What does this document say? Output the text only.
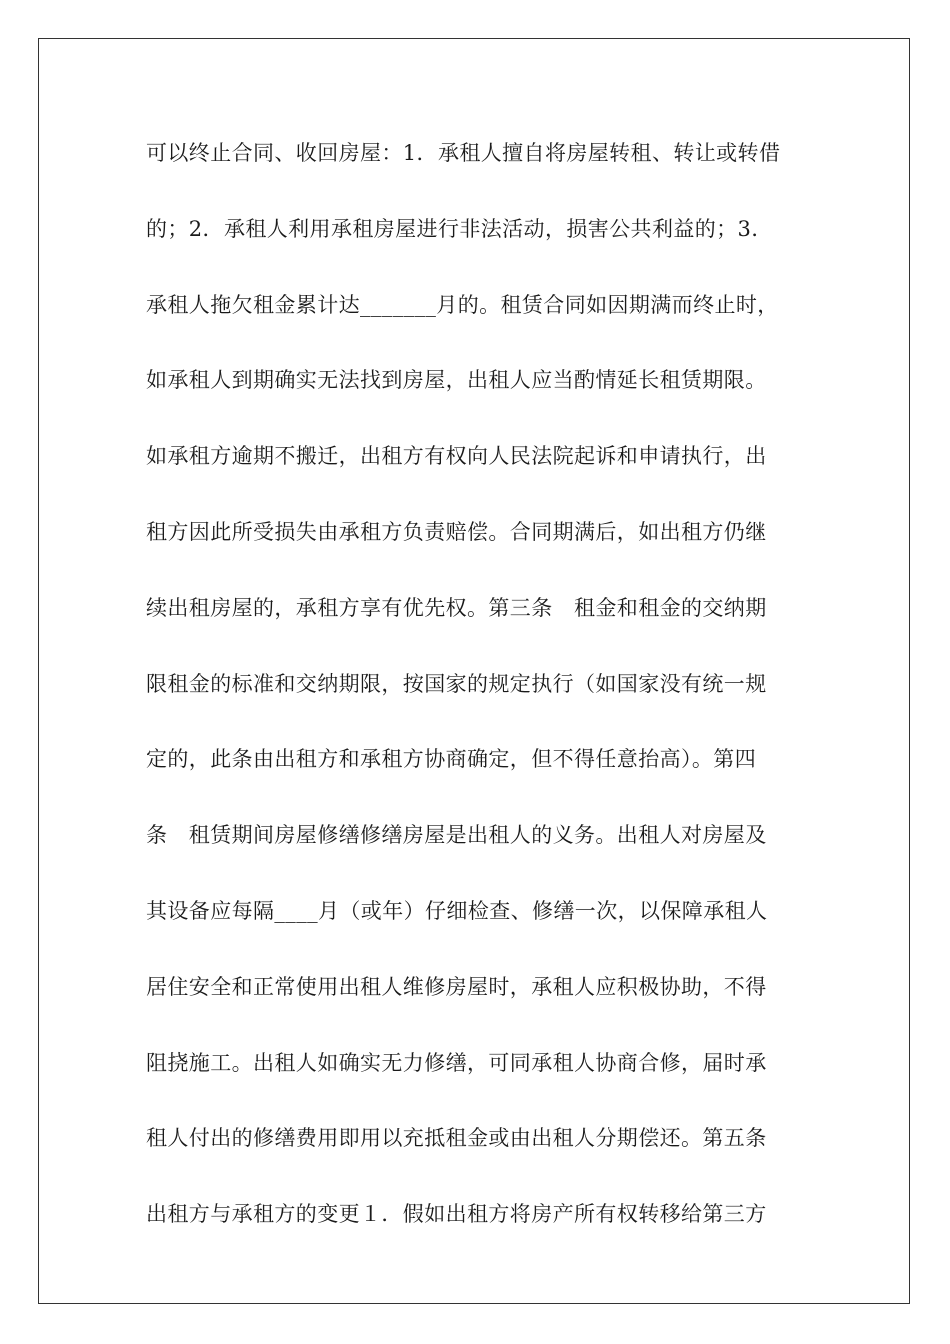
可以终止合同、收回房屋：1．承租人擅自将房屋转租、转让或转借
的；2．承租人利用承租房屋进行非法活动，损害公共利益的；3．
承租人拖欠租金累计达_______月的。租赁合同如因期满而终止时，
如承租人到期确实无法找到房屋，出租人应当酌情延长租赁期限。
如承租方逾期不搬迁，出租方有权向人民法院起诉和申请执行，出
租方因此所受损失由承租方负责赔偿。合同期满后，如出租方仍继
续出租房屋的，承租方享有优先权。第三条　租金和租金的交纳期
限租金的标准和交纳期限，按国家的规定执行（如国家没有统一规
定的，此条由出租方和承租方协商确定，但不得任意抬高）。第四
条　租赁期间房屋修缮修缮房屋是出租人的义务。出租人对房屋及
其设备应每隔____月（或年）仔细检查、修缮一次，以保障承租人
居住安全和正常使用出租人维修房屋时，承租人应积极协助，不得
阻挠施工。出租人如确实无力修缮，可同承租人协商合修，届时承
租人付出的修缮费用即用以充抵租金或由出租人分期偿还。第五条
出租方与承租方的变更１．假如出租方将房产所有权转移给第三方
